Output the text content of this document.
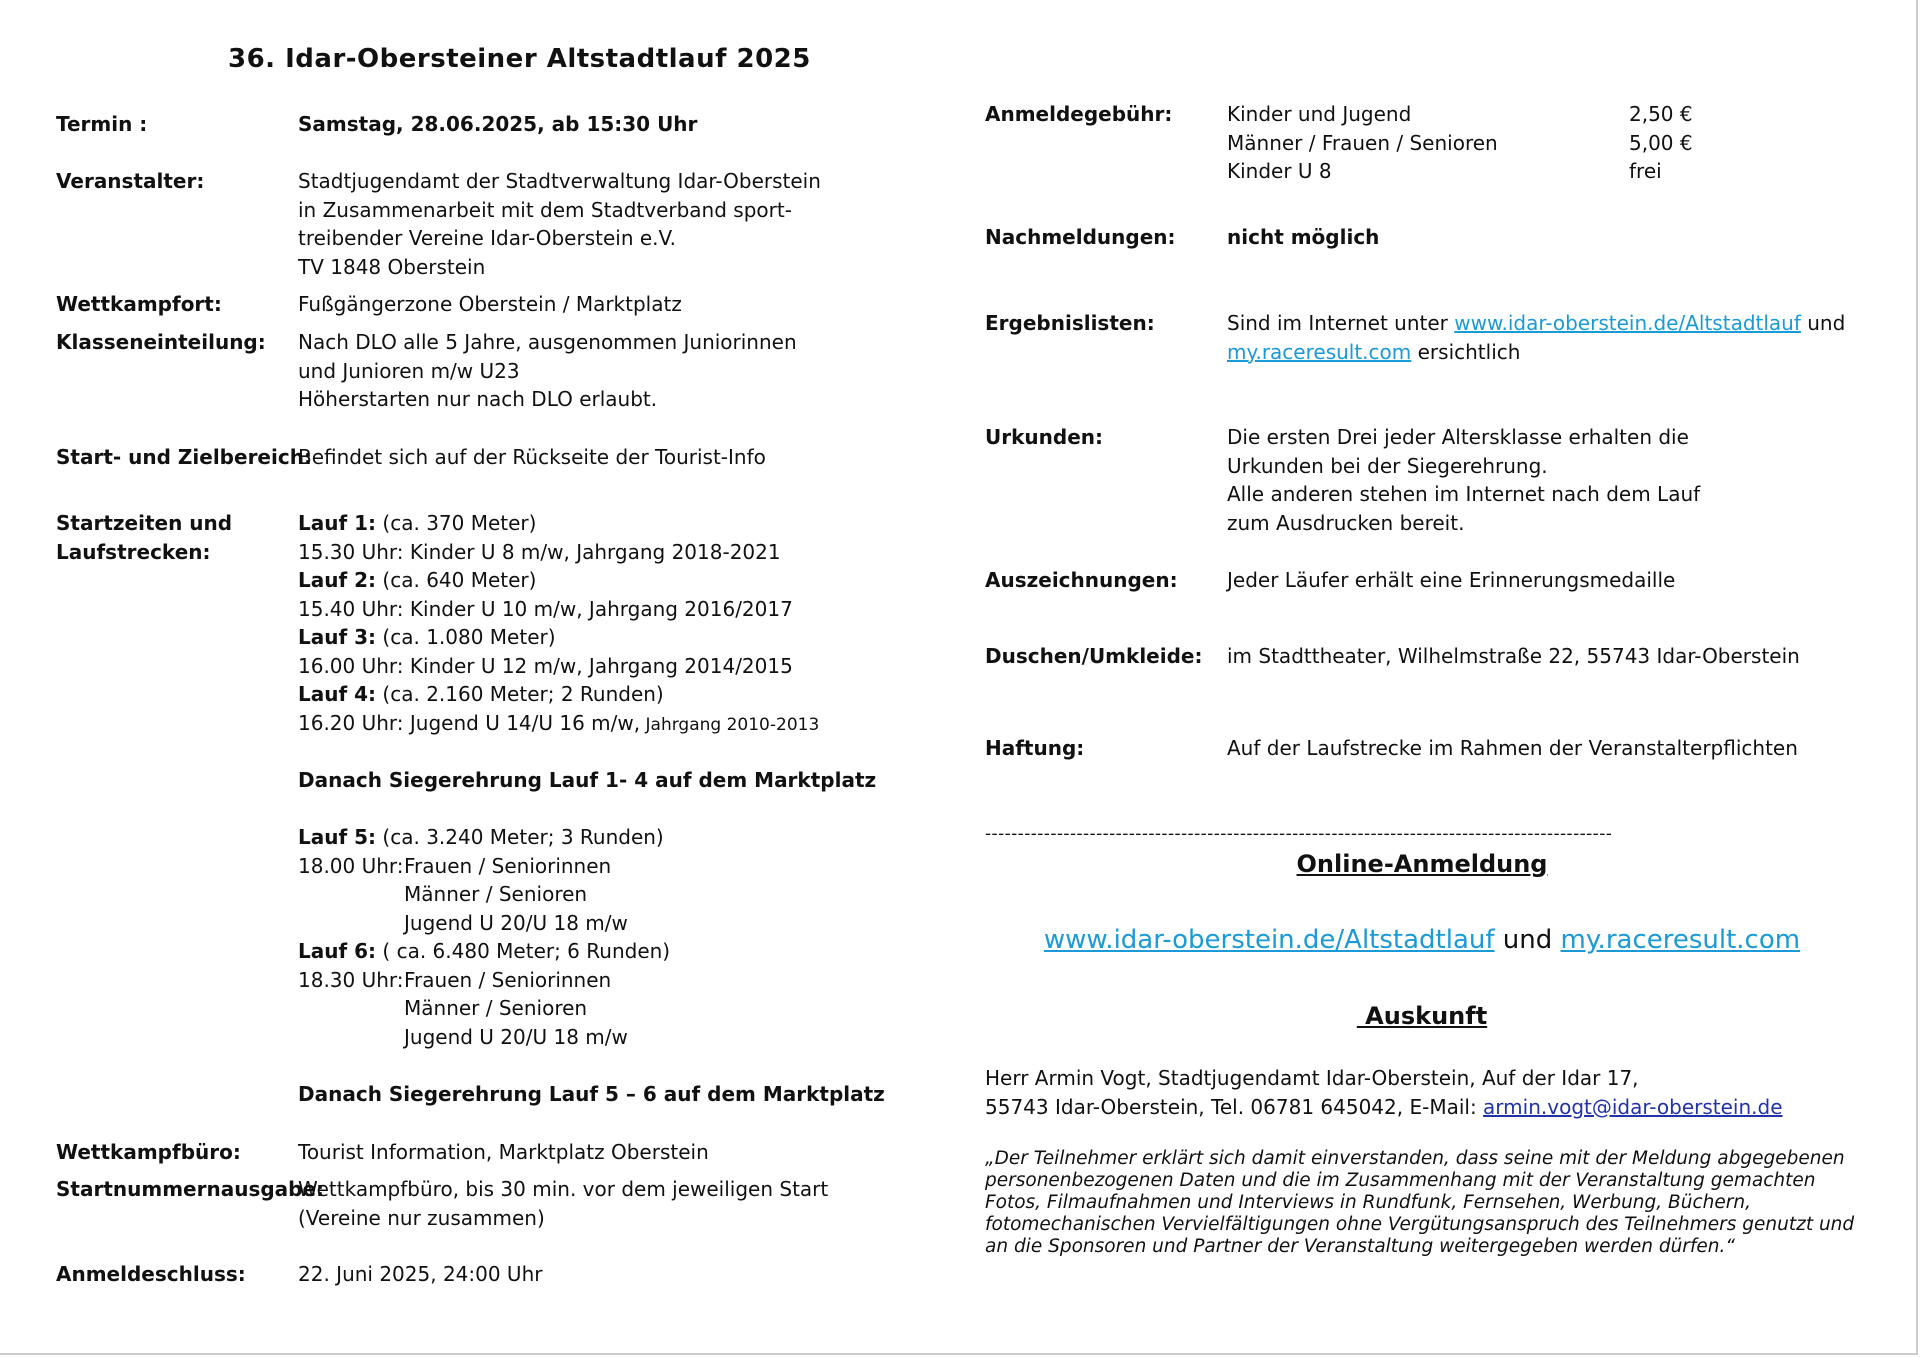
36. Idar-Obersteiner Altstadtlauf 2025
Termin :	Samstag, 28.06.2025, ab 15:30 Uhr
Veranstalter:	Stadtjugendamt der Stadtverwaltung Idar-Oberstein
in Zusammenarbeit mit dem Stadtverband sport-
treibender Vereine Idar-Oberstein e.V.
TV 1848 Oberstein
Wettkampfort:	Fußgängerzone Oberstein / Marktplatz
Klasseneinteilung: Nach DLO alle 5 Jahre, ausgenommen Juniorinnen
und Junioren m/w U23
Höherstarten nur nach DLO erlaubt.
Start- und Zielbereich:
Befindet sich auf der Rückseite der Tourist-Info
Startzeiten und
Laufstrecken:
Lauf 1: (ca. 370 Meter)
15.30 Uhr: Kinder U 8 m/w, Jahrgang 2018-2021
Lauf 2: (ca. 640 Meter)
15.40 Uhr: Kinder U 10 m/w, Jahrgang 2016/2017
Lauf 3: (ca. 1.080 Meter)
16.00 Uhr: Kinder U 12 m/w, Jahrgang 2014/2015
Lauf 4: (ca. 2.160 Meter; 2 Runden)
16.20 Uhr: Jugend U 14/U 16 m/w, Jahrgang 2010-2013
Danach Siegerehrung Lauf 1- 4 auf dem Marktplatz
Lauf 5: (ca. 3.240 Meter; 3 Runden)
18.00 Uhr:Frauen / Seniorinnen
Männer / Senioren
Jugend U 20/U 18 m/w
Lauf 6: ( ca. 6.480 Meter; 6 Runden)
18.30 Uhr:Frauen / Seniorinnen
Männer / Senioren
Jugend U 20/U 18 m/w
Danach Siegerehrung Lauf 5 – 6 auf dem Marktplatz
Wettkampfbüro:	Tourist Information, Marktplatz Oberstein
Startnummernausgabe:
Wettkampfbüro, bis 30 min. vor dem jeweiligen Start
(Vereine nur zusammen)
Anmeldeschluss:	22. Juni 2025, 24:00 Uhr
Anmeldegebühr:	Kinder und Jugend	2,50 €
Männer / Frauen / Senioren	5,00 €
Kinder U 8	frei
Nachmeldungen:	nicht möglich
Ergebnislisten:	Sind im Internet unter www.idar-oberstein.de/Altstadtlauf und
my.raceresult.com ersichtlich
Urkunden:	Die ersten Drei jeder Altersklasse erhalten die
Urkunden bei der Siegerehrung.
Alle anderen stehen im Internet nach dem Lauf
zum Ausdrucken bereit.
Auszeichnungen: Jeder Läufer erhält eine Erinnerungsmedaille
Duschen/Umkleide: im Stadttheater, Wilhelmstraße 22, 55743 Idar-Oberstein
Haftung:	Auf der Laufstrecke im Rahmen der Veranstalterpflichten
------------------------------------------------------------------------------------------------
Online-Anmeldung
www.idar-oberstein.de/Altstadtlauf und my.raceresult.com
Auskunft
Herr Armin Vogt, Stadtjugendamt Idar-Oberstein, Auf der Idar 17,
55743 Idar-Oberstein, Tel. 06781 645042, E-Mail: armin.vogt@idar-oberstein.de
„Der Teilnehmer erklärt sich damit einverstanden, dass seine mit der Meldung abgegebenen personenbezogenen Daten und die im Zusammenhang mit der Veranstaltung gemachten Fotos, Filmaufnahmen und Interviews in Rundfunk, Fernsehen, Werbung, Büchern, fotomechanischen Vervielfältigungen ohne Vergütungsanspruch des Teilnehmers genutzt und an die Sponsoren und Partner der Veranstaltung weitergegeben werden dürfen.“
